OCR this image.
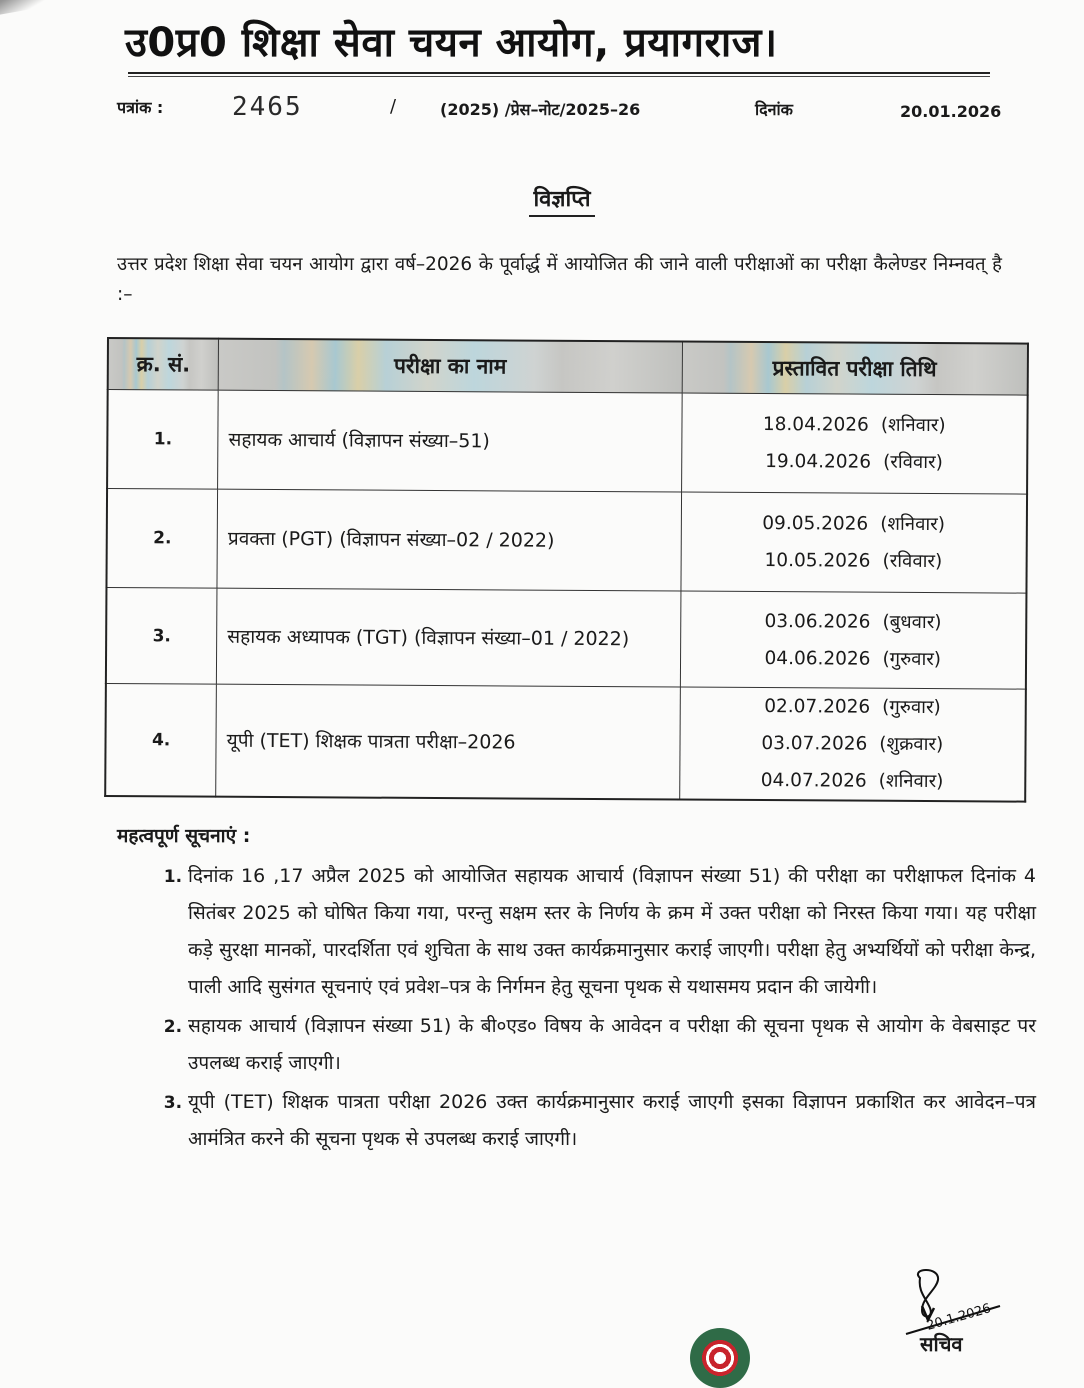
उ0प्र0 शिक्षा सेवा चयन आयोग, प्रयागराज।
पत्रांक :	2465	/	(2025) /प्रेस–नोट/2025–26	दिनांक	20.01.2026
विज्ञप्ति
उत्तर प्रदेश शिक्षा सेवा चयन आयोग द्वारा वर्ष–2026 के पूर्वार्द्ध में आयोजित की जाने वाली परीक्षाओं का परीक्षा कैलेण्डर निम्नवत् है :–
क्र. सं.	परीक्षा का नाम	प्रस्तावित परीक्षा तिथि
1.	सहायक आचार्य (विज्ञापन संख्या–51)	18.04.2026 (शनिवार)
19.04.2026 (रविवार)

2.	प्रवक्ता (PGT) (विज्ञापन संख्या–02 / 2022)	09.05.2026 (शनिवार)
10.05.2026 (रविवार)

3.	सहायक अध्यापक (TGT) (विज्ञापन संख्या–01 / 2022)	03.06.2026 (बुधवार)
04.06.2026 (गुरुवार)

4.	यूपी (TET) शिक्षक पात्रता परीक्षा–2026	02.07.2026 (गुरुवार)
03.07.2026 (शुक्रवार)
04.07.2026 (शनिवार)
महत्वपूर्ण सूचनाएं :
1. दिनांक 16 ,17 अप्रैल 2025 को आयोजित सहायक आचार्य (विज्ञापन संख्या 51) की परीक्षा का परीक्षाफल दिनांक 4 सितंबर 2025 को घोषित किया गया, परन्तु सक्षम स्तर के निर्णय के क्रम में उक्त परीक्षा को निरस्त किया गया। यह परीक्षा कड़े सुरक्षा मानकों, पारदर्शिता एवं शुचिता के साथ उक्त कार्यक्रमानुसार कराई जाएगी। परीक्षा हेतु अभ्यर्थियों को परीक्षा केन्द्र, पाली आदि सुसंगत सूचनाएं एवं प्रवेश–पत्र के निर्गमन हेतु सूचना पृथक से यथासमय प्रदान की जायेगी।
2. सहायक आचार्य (विज्ञापन संख्या 51) के बी०एड० विषय के आवेदन व परीक्षा की सूचना पृथक से आयोग के वेबसाइट पर उपलब्ध कराई जाएगी।
3. यूपी (TET) शिक्षक पात्रता परीक्षा 2026 उक्त कार्यक्रमानुसार कराई जाएगी इसका विज्ञापन प्रकाशित कर आवेदन–पत्र आमंत्रित करने की सूचना पृथक से उपलब्ध कराई जाएगी।
20.1.2026
सचिव
